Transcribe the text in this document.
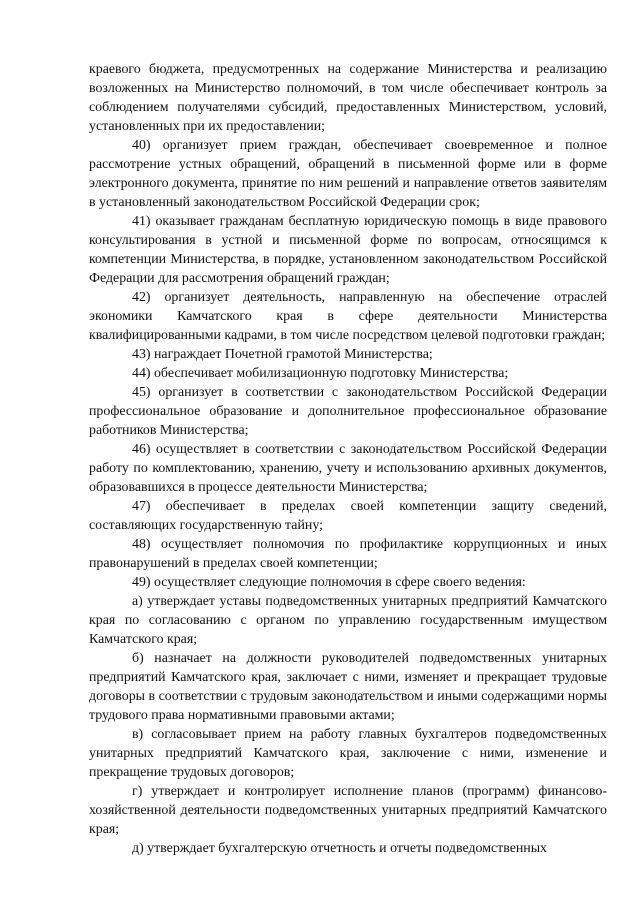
краевого бюджета, предусмотренных на содержание Министерства и реализацию возложенных на Министерство полномочий, в том числе обеспечивает контроль за соблюдением получателями субсидий, предоставленных Министерством, условий, установленных при их предоставлении;

40) организует прием граждан, обеспечивает своевременное и полное рассмотрение устных обращений, обращений в письменной форме или в форме электронного документа, принятие по ним решений и направление ответов заявителям в установленный законодательством Российской Федерации срок;

41) оказывает гражданам бесплатную юридическую помощь в виде правового консультирования в устной и письменной форме по вопросам, относящимся к компетенции Министерства, в порядке, установленном законодательством Российской Федерации для рассмотрения обращений граждан;

42) организует деятельность, направленную на обеспечение отраслей экономики Камчатского края в сфере деятельности Министерства квалифицированными кадрами, в том числе посредством целевой подготовки граждан;

43) награждает Почетной грамотой Министерства;

44) обеспечивает мобилизационную подготовку Министерства;

45) организует в соответствии с законодательством Российской Федерации профессиональное образование и дополнительное профессиональное образование работников Министерства;

46) осуществляет в соответствии с законодательством Российской Федерации работу по комплектованию, хранению, учету и использованию архивных документов, образовавшихся в процессе деятельности Министерства;

47) обеспечивает в пределах своей компетенции защиту сведений, составляющих государственную тайну;

48) осуществляет полномочия по профилактике коррупционных и иных правонарушений в пределах своей компетенции;

49) осуществляет следующие полномочия в сфере своего ведения:

а) утверждает уставы подведомственных унитарных предприятий Камчатского края по согласованию с органом по управлению государственным имуществом Камчатского края;

б) назначает на должности руководителей подведомственных унитарных предприятий Камчатского края, заключает с ними, изменяет и прекращает трудовые договоры в соответствии с трудовым законодательством и иными содержащими нормы трудового права нормативными правовыми актами;

в) согласовывает прием на работу главных бухгалтеров подведомственных унитарных предприятий Камчатского края, заключение с ними, изменение и прекращение трудовых договоров;

г) утверждает и контролирует исполнение планов (программ) финансово-хозяйственной деятельности подведомственных унитарных предприятий Камчатского края;

д) утверждает бухгалтерскую отчетность и отчеты подведомственных
